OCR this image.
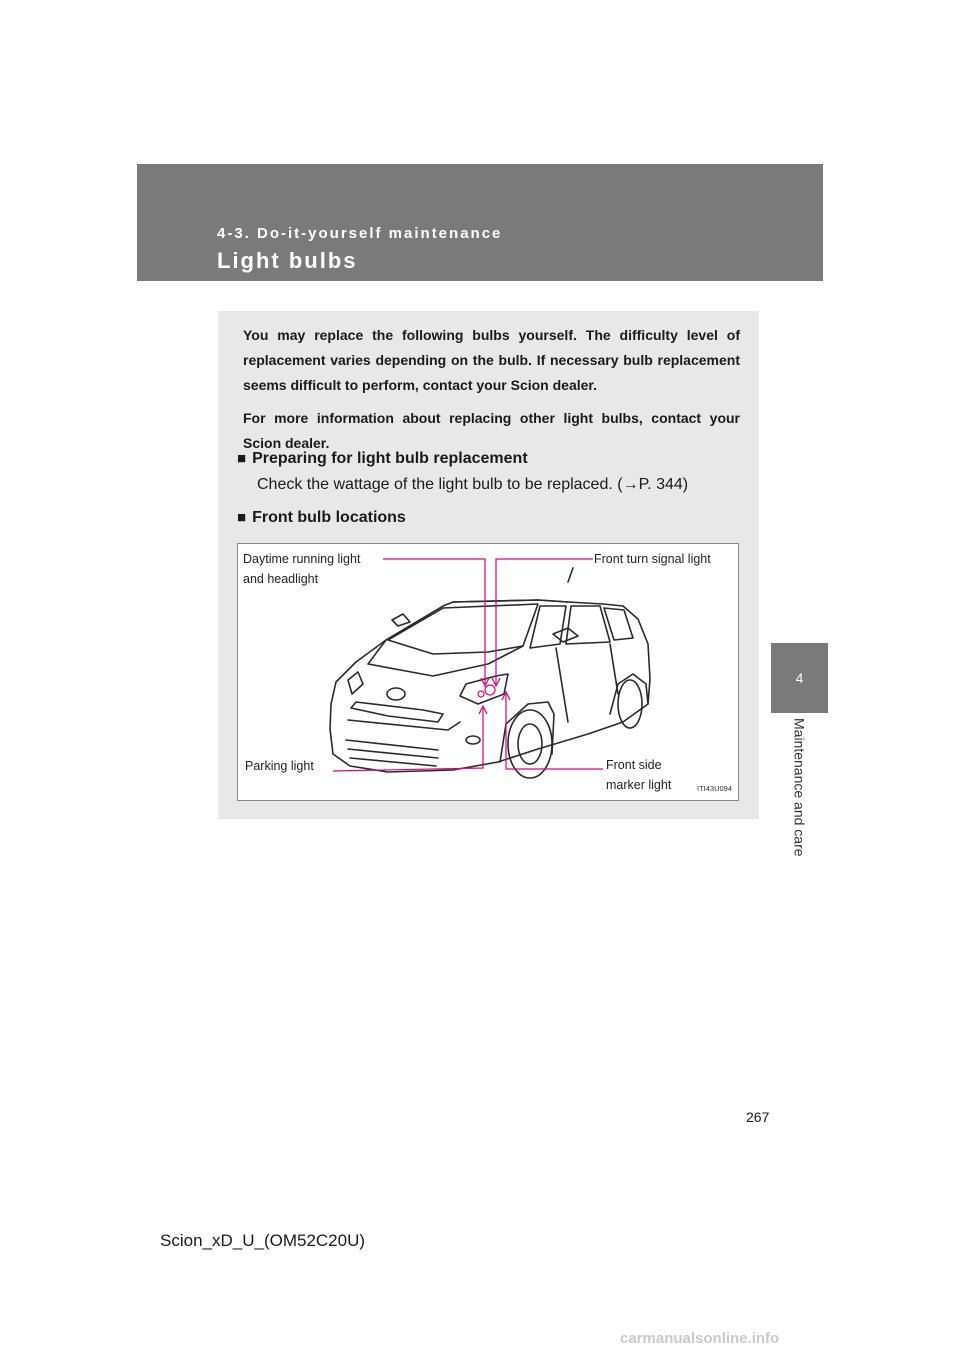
4-3. Do-it-yourself maintenance
Light bulbs
4
Maintenance and care

You may replace the following bulbs yourself. The difficulty level of replacement varies depending on the bulb. If necessary bulb replacement seems difficult to perform, contact your Scion dealer.

For more information about replacing other light bulbs, contact your Scion dealer.

■ Preparing for light bulb replacement
Check the wattage of the light bulb to be replaced. (→P. 344)
■ Front bulb locations
Daytime running light
and headlight
Front turn signal light
Parking light	Front side
marker light	ITI43U094
267
Scion_xD_U_(OM52C20U)
carmanualsonline.info
